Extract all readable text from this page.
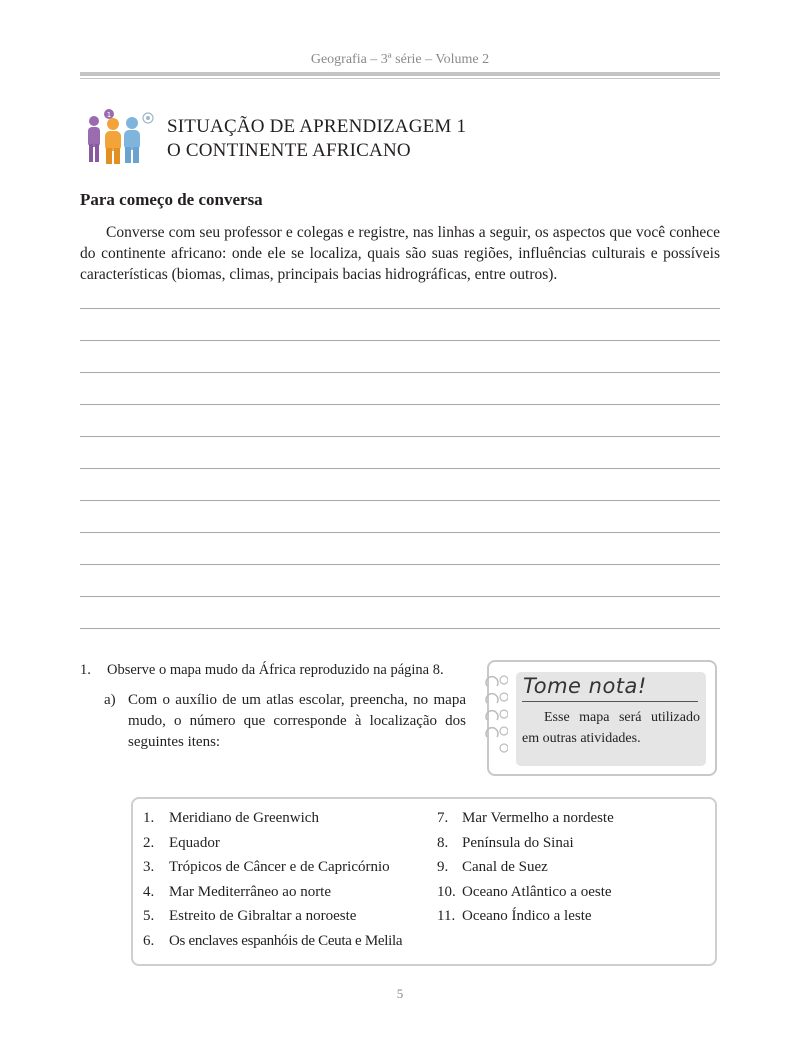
Geografia – 3ª série – Volume 2
1
SITUAÇÃO DE APRENDIZAGEM 1
O CONTINENTE AFRICANO
Para começo de conversa

Converse com seu professor e colegas e registre, nas linhas a seguir, os aspectos que você conhece do continente africano: onde ele se localiza, quais são suas regiões, influências culturais e possíveis características (biomas, climas, principais bacias hidrográficas, entre outros).

1. Observe o mapa mudo da África reproduzido na página 8.
a) Com o auxílio de um atlas escolar, preencha, no mapa mudo, o número que corresponde à localização dos seguintes itens:
Tome nota!
Esse mapa será utilizado em outras atividades.
1. Meridiano de Greenwich
2. Equador
3. Trópicos de Câncer e de Capricórnio
4. Mar Mediterrâneo ao norte
5. Estreito de Gibraltar a noroeste
6. Os enclaves espanhóis de Ceuta e Melila
7. Mar Vermelho a nordeste
8. Península do Sinai
9. Canal de Suez
10. Oceano Atlântico a oeste
11. Oceano Índico a leste
5
